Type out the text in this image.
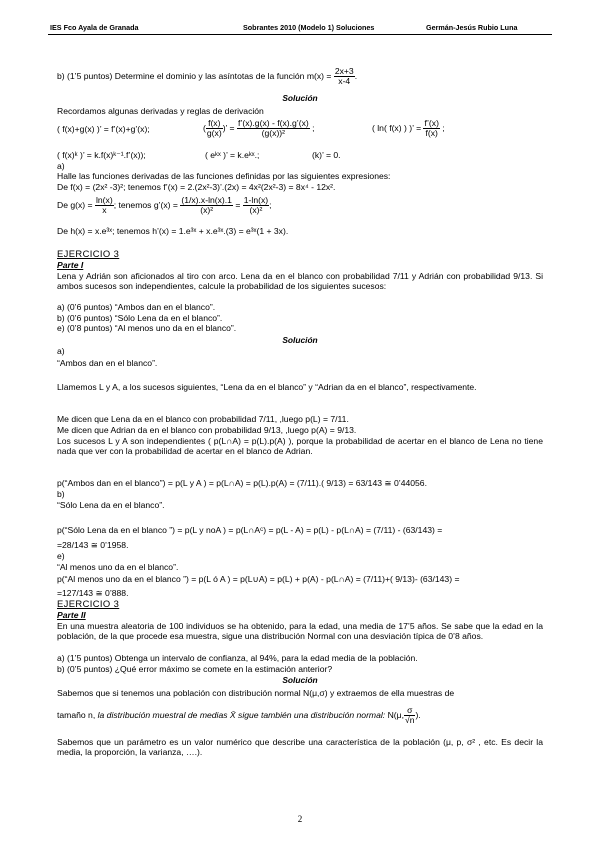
IES Fco Ayala de Granada	Sobrantes 2010 (Modelo 1) Soluciones	Germán-Jesús Rubio Luna
b) (1’5 puntos) Determine el dominio y las asíntotas de la función $m(x) = \frac{2x+3}{x-4}$ .
Solución
Recordamos algunas derivadas y reglas de derivación
( f(x)+g(x) )’ = f’(x)+g’(x);	( $\frac{f(x)}{g(x)}$ )’ = $\frac{f’(x).g(x) - f(x).g’(x)}{\text{(g(x))²}}$ ;	( ln( f(x) ) )’ = $\frac{f’(x)}{f(x)}$ ;
( f(x)ᵏ )’ = k.f(x)ᵏ⁻¹.f’(x));	( eᵏˣ )’ = k.eᵏˣ.;	(k)’ = 0.
a)
Halle las funciones derivadas de las funciones definidas por las siguientes expresiones:
De f(x) = (2x² -3)²; tenemos f’(x) = 2.(2x²-3)’.(2x) = 4x²(2x²-3) = 8x⁴ - 12x².
De $g(x) = \frac{\ln(x)}{x}$ ; tenemos g’(x) = $\frac{(1/x).x-\ln(x).1}{\text{(x)²}} = \frac{1-\ln(x)}{\text{(x)²}}$ ;
De h(x) = x.e³ˣ; tenemos h’(x) = 1.e³ˣ + x.e³ˣ.(3) = e³ˣ(1 + 3x).
EJERCICIO 3
Parte I
Lena y Adrián son aficionados al tiro con arco. Lena da en el blanco con probabilidad 7/11 y Adrián con probabilidad 9/13. Si ambos sucesos son independientes, calcule la probabilidad de los siguientes sucesos:
a) (0’6 puntos) “Ambos dan en el blanco”.
b) (0’6 puntos) “Sólo Lena da en el blanco”.
e) (0’8 puntos) “Al menos uno da en el blanco”.
Solución
a)
“Ambos dan en el blanco”.
Llamemos L y A, a los sucesos siguientes, “Lena da en el blanco” y “Adrian da en el blanco”, respectivamente.
Me dicen que Lena da en el blanco con probabilidad 7/11, ,luego p(L) = 7/11.
Me dicen que Adrian da en el blanco con probabilidad 9/13, ,luego p(A) = 9/13.
Los sucesos L y A son independientes ( p(L∩A) = p(L).p(A) ), porque la probabilidad de acertar en el blanco de Lena no tiene nada que ver con la probabilidad de acertar en el blanco de Adrian.
p(“Ambos dan en el blanco”) = p(L y A ) = p(L∩A) = p(L).p(A) = (7/11).( 9/13) = 63/143 ≅ 0’44056.
b)
“Sólo Lena da en el blanco”.
p(“Sólo Lena da en el blanco ”) = p(L y noA ) = p(L∩Aᶜ) = p(L - A) = p(L) - p(L∩A) = (7/11) - (63/143) =
=28/143 ≅ 0’1958.
e)
“Al menos uno da en el blanco”.
p(“Al menos uno da en el blanco ”) = p(L ó A ) = p(L∪A) = p(L) + p(A) - p(L∩A) = (7/11)+( 9/13)- (63/143) =
=127/143 ≅ 0’888.
EJERCICIO 3
Parte II
En una muestra aleatoria de 100 individuos se ha obtenido, para la edad, una media de 17’5 años. Se sabe que la edad en la población, de la que procede esa muestra, sigue una distribución Normal con una desviación típica de 0’8 años.
a) (1’5 puntos) Obtenga un intervalo de confianza, al 94%, para la edad media de la población.
b) (0’5 puntos) ¿Qué error máximo se comete en la estimación anterior?
Solución
Sabemos que si tenemos una población con distribución normal N(μ,σ) y extraemos de ella muestras de
tamaño n, la distribución muestral de medias X̄ sigue también una distribución normal: N(μ, $\frac{\sigma}{√n}$ ).
Sabemos que un parámetro es un valor numérico que describe una característica de la población (μ, p, σ² , etc. Es decir la media, la proporción, la varianza, ….).
2
